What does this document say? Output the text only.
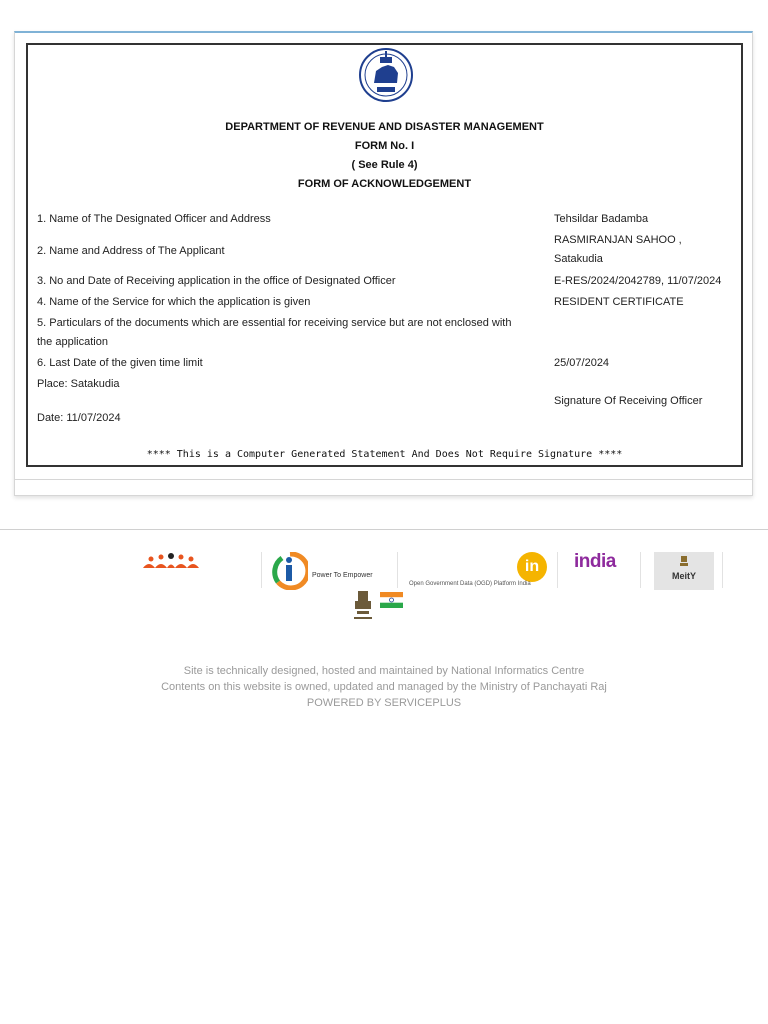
DEPARTMENT OF REVENUE AND DISASTER MANAGEMENT
FORM No. I
( See Rule 4)
FORM OF ACKNOWLEDGEMENT
1. Name of The Designated Officer and Address	Tehsildar Badamba
2. Name and Address of The Applicant
RASMIRANJAN SAHOO ,
Satakudia
3. No and Date of Receiving application in the office of Designated Officer	E-RES/2024/2042789, 11/07/2024
4. Name of the Service for which the application is given	RESIDENT CERTIFICATE
5. Particulars of the documents which are essential for receiving service but are not enclosed with
the application
6. Last Date of the given time limit	25/07/2024
Place: Satakudia
Signature Of Receiving Officer
Date: 11/07/2024
**** This is a Computer Generated Statement And Does Not Require Signature ****
Power To Empower
in
Open Government Data (OGD) Platform India
india
MeitY
Site is technically designed, hosted and maintained by National Informatics Centre
Contents on this website is owned, updated and managed by the Ministry of Panchayati Raj
POWERED BY SERVICEPLUS
